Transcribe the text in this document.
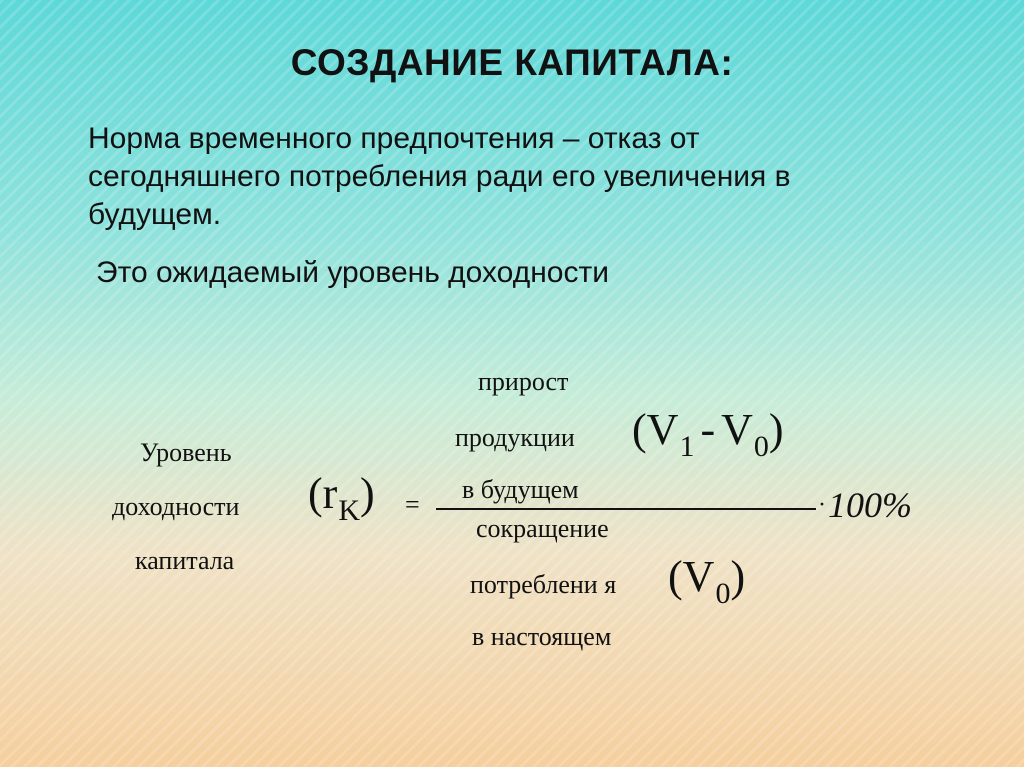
СОЗДАНИЕ КАПИТАЛА:

Норма временного предпочтения – отказ от

сегодняшнего потребления ради его увеличения в

будущем.

Это ожидаемый уровень доходности

Уровень
доходности
капитала
$(r_K)$ =
прирост
продукции $(V_1 - V_0)$
в будущем
сокращение
потреблени я $(V_0)$
в настоящем
· 100%
